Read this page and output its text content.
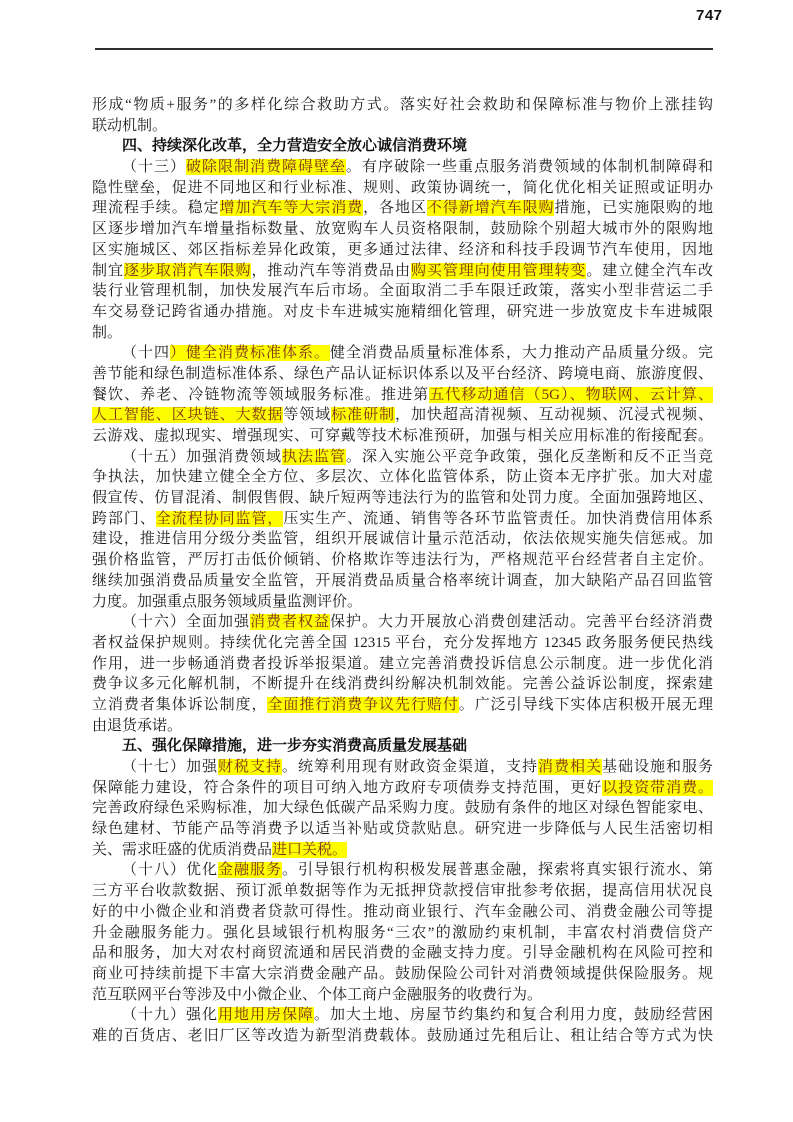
747
形成“物质+服务”的多样化综合救助方式。落实好社会救助和保障标准与物价上涨挂钩
联动机制。
四、持续深化改革，全力营造安全放心诚信消费环境
（十三）破除限制消费障碍壁垒。有序破除一些重点服务消费领域的体制机制障碍和
隐性壁垒，促进不同地区和行业标准、规则、政策协调统一，简化优化相关证照或证明办
理流程手续。稳定增加汽车等大宗消费，各地区不得新增汽车限购措施，已实施限购的地
区逐步增加汽车增量指标数量、放宽购车人员资格限制，鼓励除个别超大城市外的限购地
区实施城区、郊区指标差异化政策，更多通过法律、经济和科技手段调节汽车使用，因地
制宜逐步取消汽车限购，推动汽车等消费品由购买管理向使用管理转变。建立健全汽车改
装行业管理机制，加快发展汽车后市场。全面取消二手车限迁政策，落实小型非营运二手
车交易登记跨省通办措施。对皮卡车进城实施精细化管理，研究进一步放宽皮卡车进城限
制。
（十四）健全消费标准体系。健全消费品质量标准体系，大力推动产品质量分级。完
善节能和绿色制造标准体系、绿色产品认证标识体系以及平台经济、跨境电商、旅游度假、
餐饮、养老、冷链物流等领域服务标准。推进第五代移动通信（5G）、物联网、云计算、
人工智能、区块链、大数据等领域标准研制，加快超高清视频、互动视频、沉浸式视频、
云游戏、虚拟现实、增强现实、可穿戴等技术标准预研，加强与相关应用标准的衔接配套。
（十五）加强消费领域执法监管。深入实施公平竞争政策，强化反垄断和反不正当竞
争执法，加快建立健全全方位、多层次、立体化监管体系，防止资本无序扩张。加大对虚
假宣传、仿冒混淆、制假售假、缺斤短两等违法行为的监管和处罚力度。全面加强跨地区、
跨部门、全流程协同监管，压实生产、流通、销售等各环节监管责任。加快消费信用体系
建设，推进信用分级分类监管，组织开展诚信计量示范活动，依法依规实施失信惩戒。加
强价格监管，严厉打击低价倾销、价格欺诈等违法行为，严格规范平台经营者自主定价。
继续加强消费品质量安全监管，开展消费品质量合格率统计调查，加大缺陷产品召回监管
力度。加强重点服务领域质量监测评价。
（十六）全面加强消费者权益保护。大力开展放心消费创建活动。完善平台经济消费
者权益保护规则。持续优化完善全国 12315 平台，充分发挥地方 12345 政务服务便民热线
作用，进一步畅通消费者投诉举报渠道。建立完善消费投诉信息公示制度。进一步优化消
费争议多元化解机制，不断提升在线消费纠纷解决机制效能。完善公益诉讼制度，探索建
立消费者集体诉讼制度，全面推行消费争议先行赔付。广泛引导线下实体店积极开展无理
由退货承诺。
五、强化保障措施，进一步夯实消费高质量发展基础
（十七）加强财税支持。统筹利用现有财政资金渠道，支持消费相关基础设施和服务
保障能力建设，符合条件的项目可纳入地方政府专项债券支持范围，更好以投资带消费。
完善政府绿色采购标准，加大绿色低碳产品采购力度。鼓励有条件的地区对绿色智能家电、
绿色建材、节能产品等消费予以适当补贴或贷款贴息。研究进一步降低与人民生活密切相
关、需求旺盛的优质消费品进口关税。
（十八）优化金融服务。引导银行机构积极发展普惠金融，探索将真实银行流水、第
三方平台收款数据、预订派单数据等作为无抵押贷款授信审批参考依据，提高信用状况良
好的中小微企业和消费者贷款可得性。推动商业银行、汽车金融公司、消费金融公司等提
升金融服务能力。强化县域银行机构服务“三农”的激励约束机制，丰富农村消费信贷产
品和服务，加大对农村商贸流通和居民消费的金融支持力度。引导金融机构在风险可控和
商业可持续前提下丰富大宗消费金融产品。鼓励保险公司针对消费领域提供保险服务。规
范互联网平台等涉及中小微企业、个体工商户金融服务的收费行为。
（十九）强化用地用房保障。加大土地、房屋节约集约和复合利用力度，鼓励经营困
难的百货店、老旧厂区等改造为新型消费载体。鼓励通过先租后让、租让结合等方式为快
